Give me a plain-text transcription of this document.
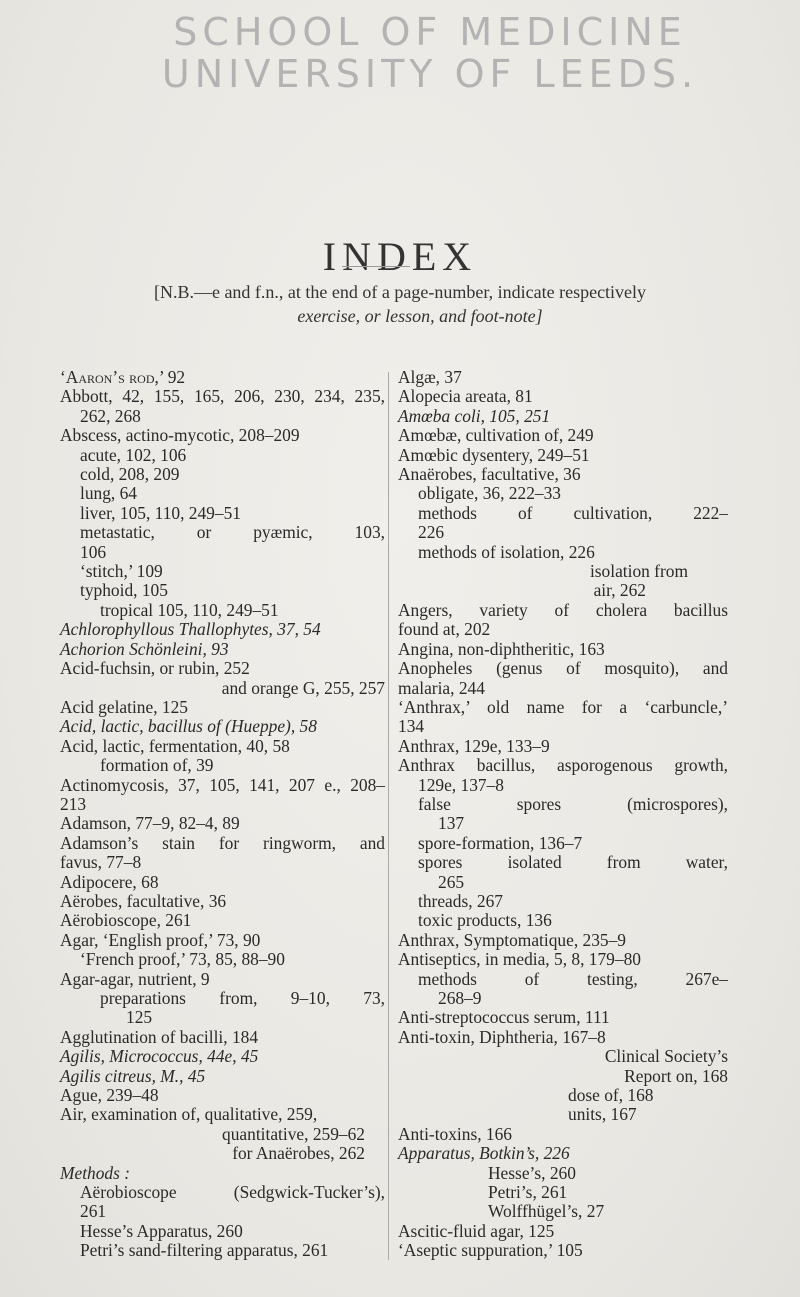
SCHOOL OF MEDICINE
UNIVERSITY OF LEEDS.
INDEX
[N.B.—e and f.n., at the end of a page-number, indicate respectively
exercise, or lesson, and foot-note]
‘Aaron’s rod,’ 92
Abbott, 42, 155, 165, 206, 230, 234, 235,
262, 268
Abscess, actino-mycotic, 208–209
acute, 102, 106
cold, 208, 209
lung, 64
liver, 105, 110, 249–51
metastatic, or pyæmic, 103,
106
‘stitch,’ 109
typhoid, 105
tropical 105, 110, 249–51
Achlorophyllous Thallophytes, 37, 54
Achorion Schönleini, 93
Acid-fuchsin, or rubin, 252
and orange G, 255, 257
Acid gelatine, 125
Acid, lactic, bacillus of (Hueppe), 58
Acid, lactic, fermentation, 40, 58
formation of, 39
Actinomycosis, 37, 105, 141, 207 e., 208–
213
Adamson, 77–9, 82–4, 89
Adamson’s stain for ringworm, and
favus, 77–8
Adipocere, 68
Aërobes, facultative, 36
Aërobioscope, 261
Agar, ‘English proof,’ 73, 90
‘French proof,’ 73, 85, 88–90
Agar-agar, nutrient, 9
preparations from, 9–10, 73,
125
Agglutination of bacilli, 184
Agilis, Micrococcus, 44e, 45
Agilis citreus, M., 45
Ague, 239–48
Air, examination of, qualitative, 259,
quantitative, 259–62
for Anaërobes, 262
Methods :
Aërobioscope (Sedgwick-Tucker’s),
261
Hesse’s Apparatus, 260
Petri’s sand-filtering apparatus, 261
Algæ, 37
Alopecia areata, 81
Amœba coli, 105, 251
Amœbæ, cultivation of, 249
Amœbic dysentery, 249–51
Anaërobes, facultative, 36
obligate, 36, 222–33
methods of cultivation, 222–
226
methods of isolation, 226
isolation from
air, 262
Angers, variety of cholera bacillus
found at, 202
Angina, non-diphtheritic, 163
Anopheles (genus of mosquito), and
malaria, 244
‘Anthrax,’ old name for a ‘carbuncle,’
134
Anthrax, 129e, 133–9
Anthrax bacillus, asporogenous growth,
129e, 137–8
false spores (microspores),
137
spore-formation, 136–7
spores isolated from water,
265
threads, 267
toxic products, 136
Anthrax, Symptomatique, 235–9
Antiseptics, in media, 5, 8, 179–80
methods of testing, 267e–
268–9
Anti-streptococcus serum, 111
Anti-toxin, Diphtheria, 167–8
Clinical Society’s
Report on, 168
dose of, 168
units, 167
Anti-toxins, 166
Apparatus, Botkin’s, 226
Hesse’s, 260
Petri’s, 261
Wolffhügel’s, 27
Ascitic-fluid agar, 125
‘Aseptic suppuration,’ 105
